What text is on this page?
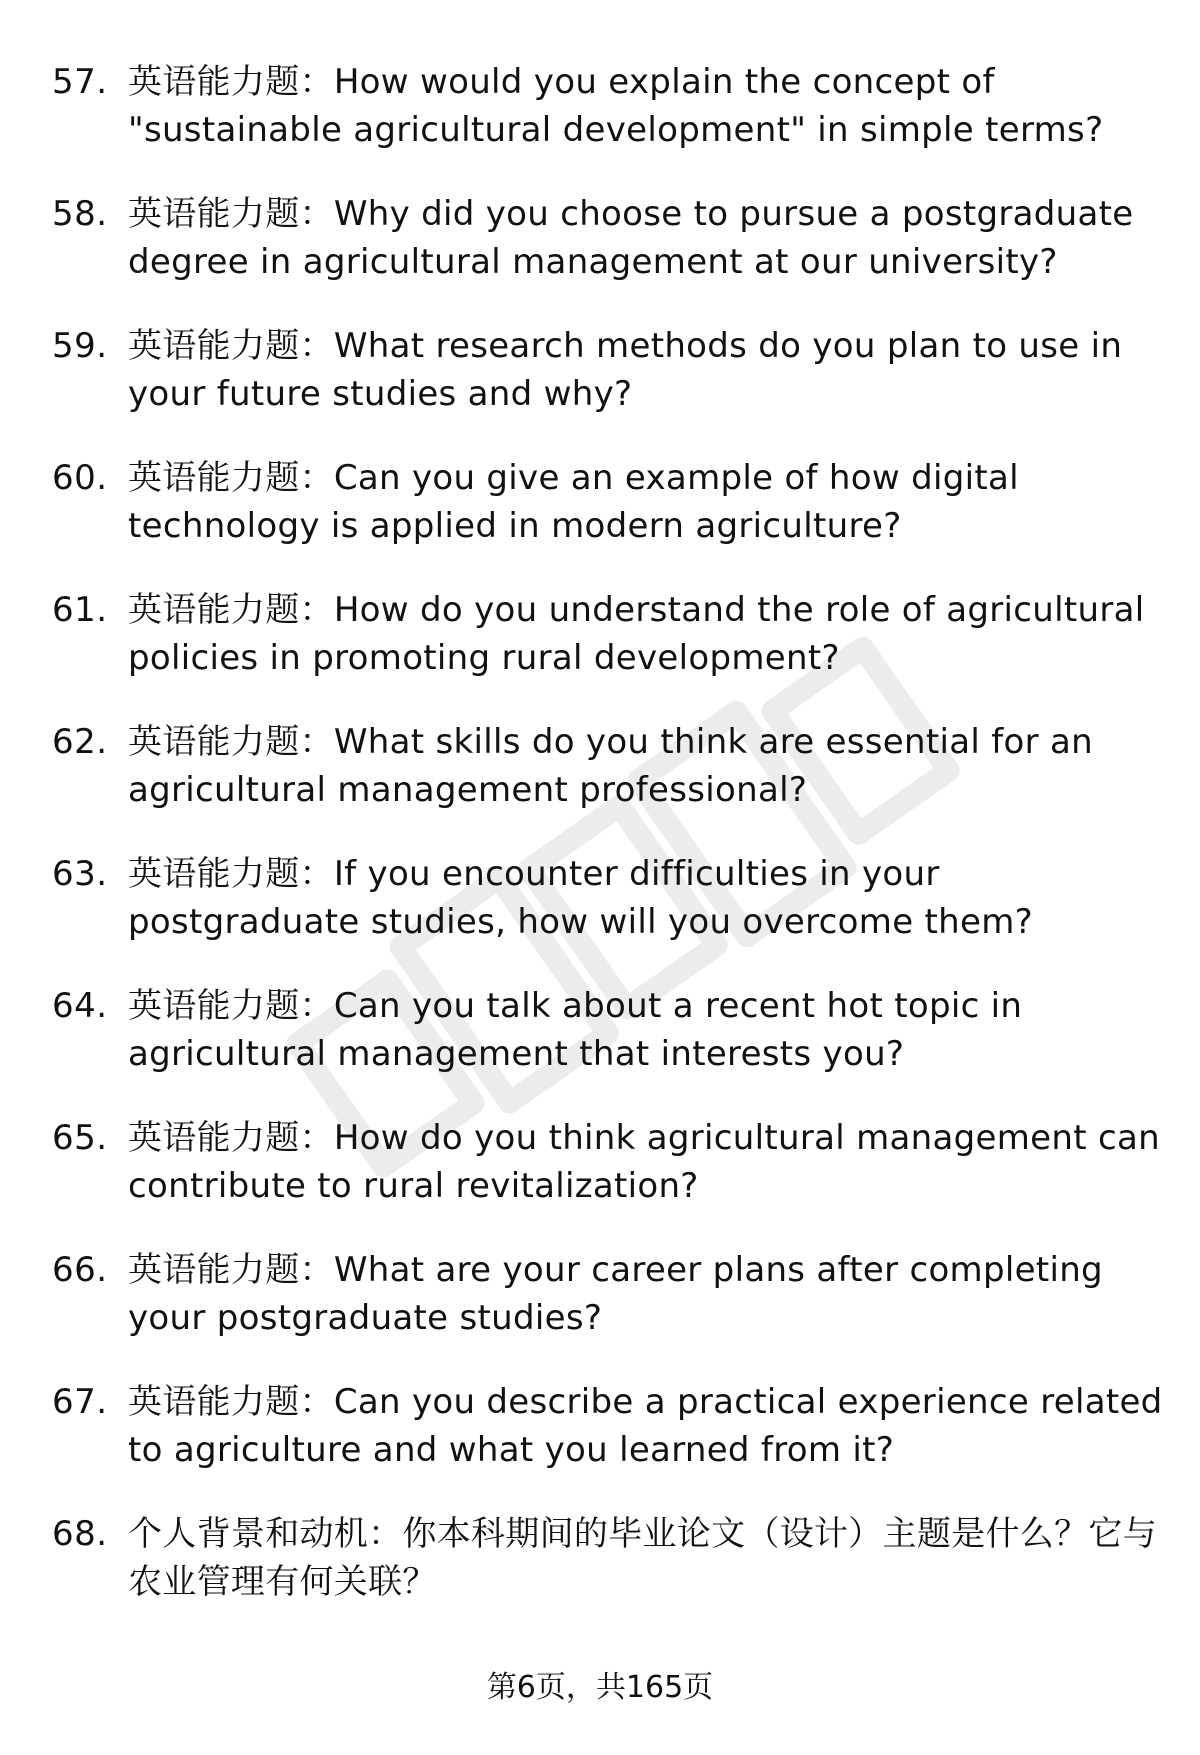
57. 英语能力题：How would you explain the concept of "sustainable agricultural development" in simple terms?
58. 英语能力题：Why did you choose to pursue a postgraduate degree in agricultural management at our university?
59. 英语能力题：What research methods do you plan to use in your future studies and why?
60. 英语能力题：Can you give an example of how digital technology is applied in modern agriculture?
61. 英语能力题：How do you understand the role of agricultural policies in promoting rural development?
62. 英语能力题：What skills do you think are essential for an agricultural management professional?
63. 英语能力题：If you encounter difficulties in your postgraduate studies, how will you overcome them?
64. 英语能力题：Can you talk about a recent hot topic in agricultural management that interests you?
65. 英语能力题：How do you think agricultural management can contribute to rural revitalization?
66. 英语能力题：What are your career plans after completing your postgraduate studies?
67. 英语能力题：Can you describe a practical experience related to agriculture and what you learned from it?
68. 个人背景和动机：你本科期间的毕业论文（设计）主题是什么？它与农业管理有何关联？
第6页，共165页
